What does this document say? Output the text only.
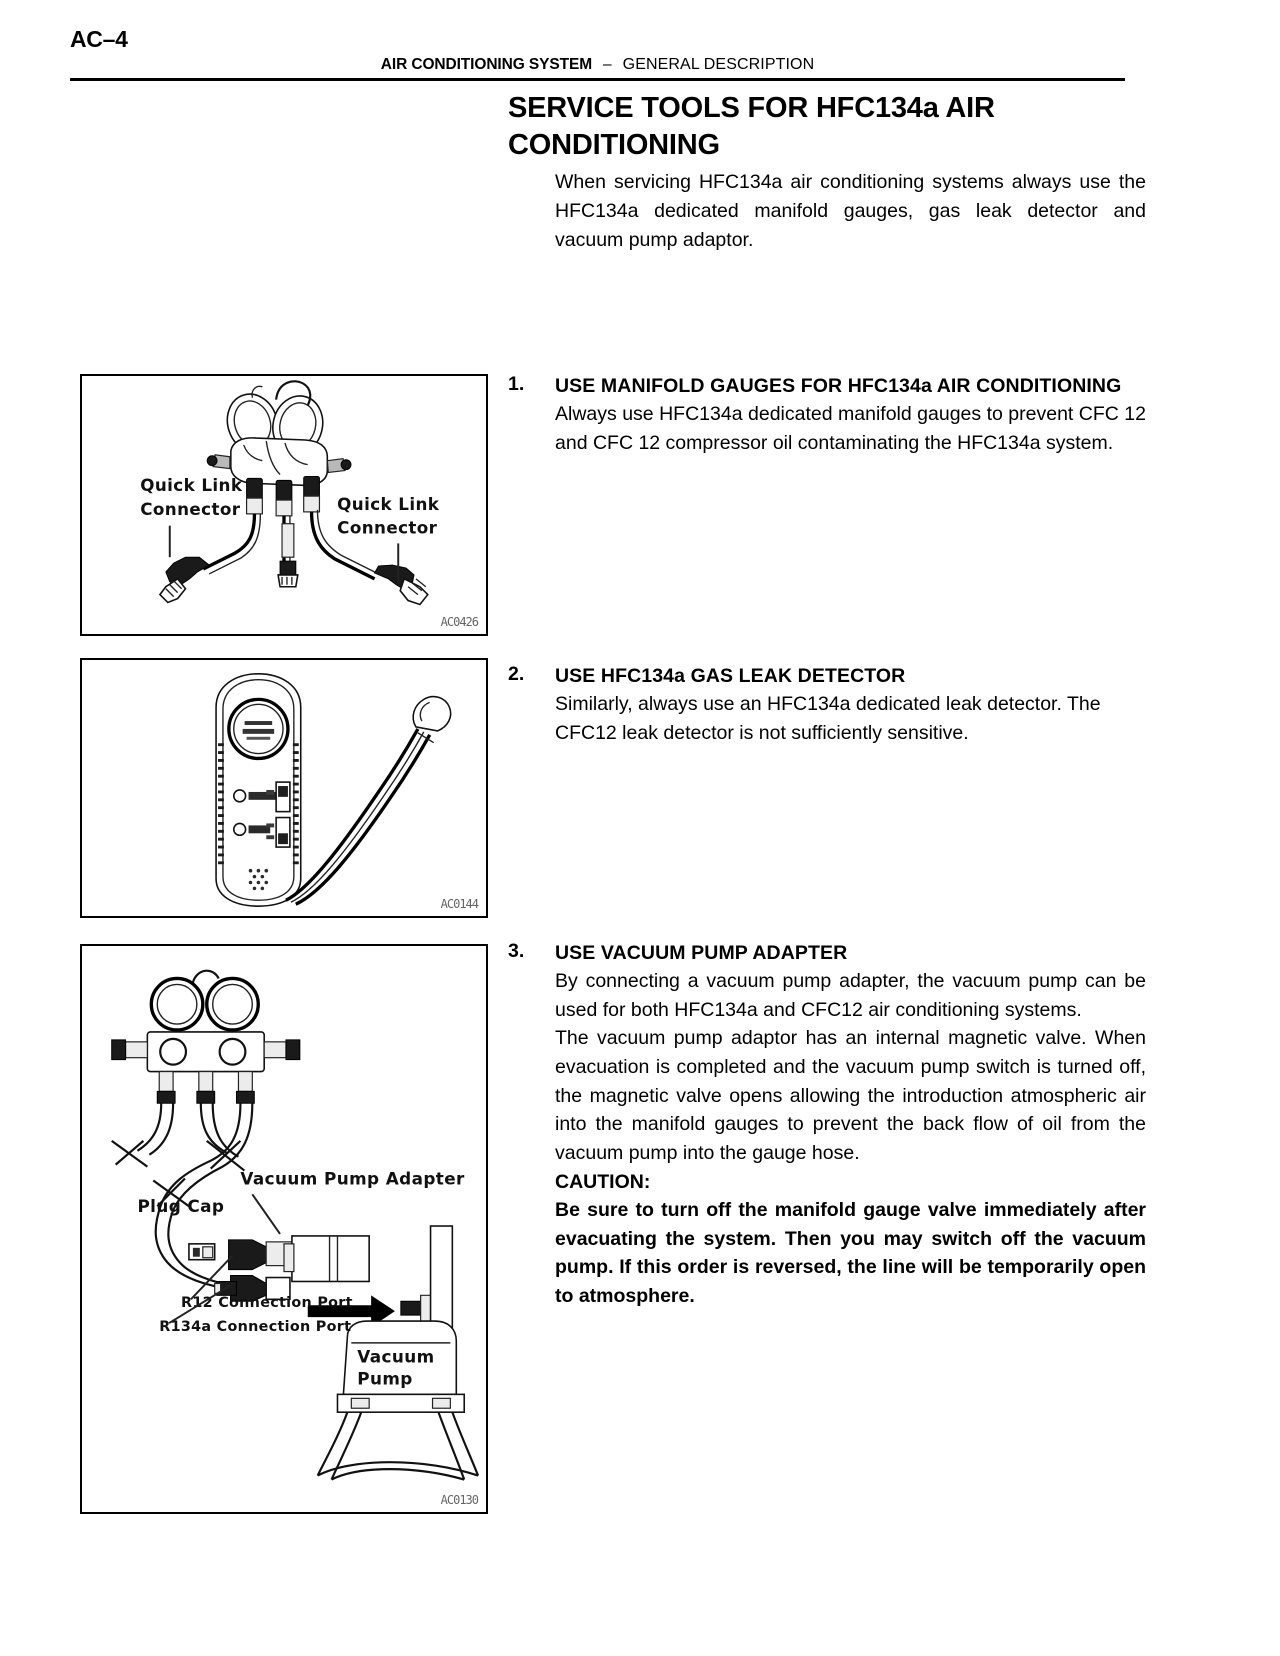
AC–4
AIR CONDITIONING SYSTEM – GENERAL DESCRIPTION
SERVICE TOOLS FOR HFC134a AIR CONDITIONING

When servicing HFC134a air conditioning systems always use the HFC134a dedicated manifold gauges, gas leak detector and vacuum pump adaptor.

1.	USE MANIFOLD GAUGES FOR HFC134a AIR CONDITIONING

Always use HFC134a dedicated manifold gauges to prevent CFC 12 and CFC 12 compressor oil contaminating the HFC134a system.

2.	USE HFC134a GAS LEAK DETECTOR

Similarly, always use an HFC134a dedicated leak detector. The CFC12 leak detector is not sufficiently sensitive.

3.	USE VACUUM PUMP ADAPTER

By connecting a vacuum pump adapter, the vacuum pump can be used for both HFC134a and CFC12 air conditioning systems.

The vacuum pump adaptor has an internal magnetic valve. When evacuation is completed and the vacuum pump switch is turned off, the magnetic valve opens allowing the introduction atmospheric air into the manifold gauges to prevent the back flow of oil from the vacuum pump into the gauge hose.

CAUTION:

Be sure to turn off the manifold gauge valve immediately after evacuating the system. Then you may switch off the vacuum pump. If this order is reversed, the line will be temporarily open to atmosphere.

Quick Link
Connector	Quick Link
Connector
AC0426
AC0144
Vacuum Pump Adapter
Plug Cap
R12 Connection Port
R134a Connection Port
Vacuum
Pump
AC0130
